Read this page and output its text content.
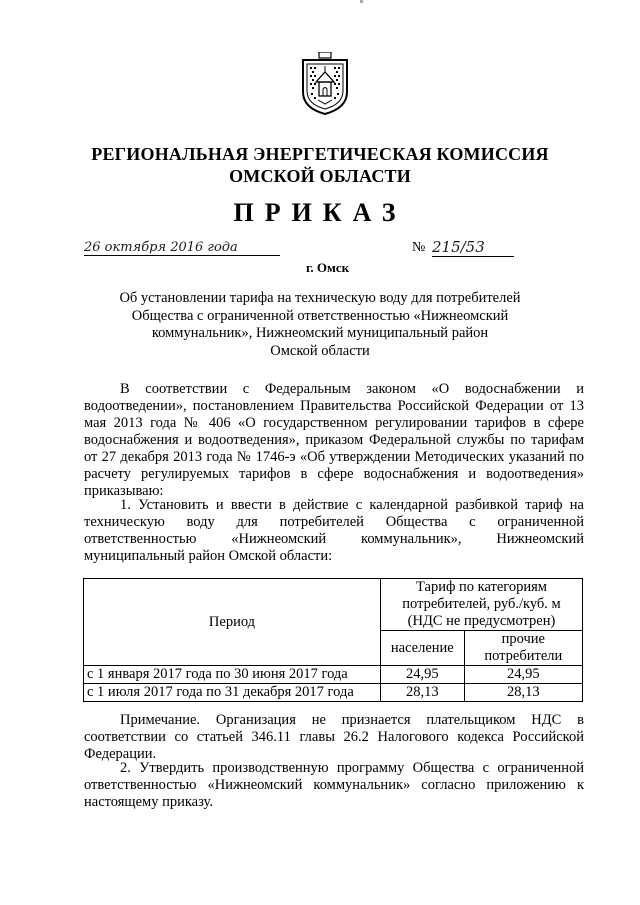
РЕГИОНАЛЬНАЯ ЭНЕРГЕТИЧЕСКАЯ КОМИССИЯ
ОМСКОЙ ОБЛАСТИ
ПРИКАЗ
26 октября 2016 года	№ 215/53
г. Омск
Об установлении тарифа на техническую воду для потребителей
Общества с ограниченной ответственностью «Нижнеомский
коммунальник», Нижнеомский муниципальный район
Омской области
В соответствии с Федеральным законом «О водоснабжении и водоотведении», постановлением Правительства Российской Федерации от 13 мая 2013 года № 406 «О государственном регулировании тарифов в сфере водоснабжения и водоотведения», приказом Федеральной службы по тарифам от 27 декабря 2013 года № 1746-э «Об утверждении Методических указаний по расчету регулируемых тарифов в сфере водоснабжения и водоотведения» приказываю:
1. Установить и ввести в действие с календарной разбивкой тариф на техническую воду для потребителей Общества с ограниченной ответственностью «Нижнеомский коммунальник», Нижнеомский муниципальный район Омской области:
Период	Тариф по категориям потребителей, руб./куб. м (НДС не предусмотрен)	
	население	прочие потребители
с 1 января 2017 года по 30 июня 2017 года	24,95	24,95
с 1 июля 2017 года по 31 декабря 2017 года	28,13	28,13
Примечание. Организация не признается плательщиком НДС в соответствии со статьей 346.11 главы 26.2 Налогового кодекса Российской Федерации.
2. Утвердить производственную программу Общества с ограниченной ответственностью «Нижнеомский коммунальник» согласно приложению к настоящему приказу.
